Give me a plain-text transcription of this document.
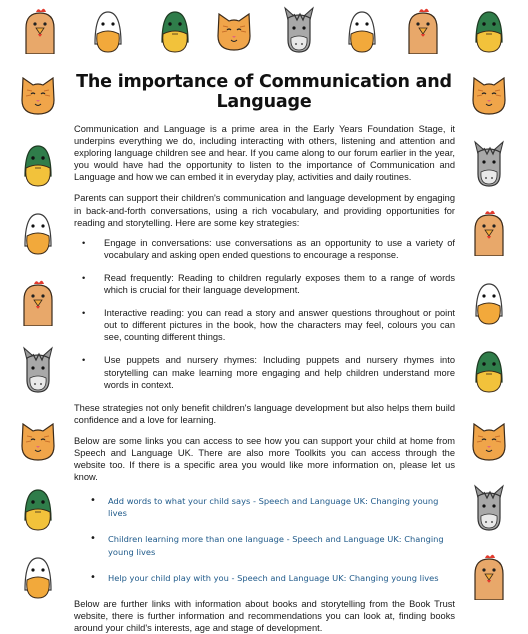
The importance of Communication and Language

Communication and Language is a prime area in the Early Years Foundation Stage, it underpins everything we do, including interacting with others, listening and attention and exploring language children see and hear. If you came along to our forum earlier in the year, you would have had the opportunity to listen to the importance of Communication and Language and how we can embed it in everyday play, activities and daily routines.

Parents can support their children's communication and language development by engaging in back-and-forth conversations, using a rich vocabulary, and providing opportunities for reading and storytelling. Here are some key strategies:

• Engage in conversations: use conversations as an opportunity to use a variety of vocabulary and asking open ended questions to encourage a response.
• Read frequently: Reading to children regularly exposes them to a range of words which is crucial for their language development.
• Interactive reading: you can read a story and answer questions throughout or point out to different pictures in the book, how the characters may feel, colours you can see, counting different things.
• Use puppets and nursery rhymes: Including puppets and nursery rhymes into storytelling can make learning more engaging and help children understand more words in context.

These strategies not only benefit children's language development but also helps them build confidence and a love for learning.

Below are some links you can access to see how you can support your child at home from Speech and Language UK. There are also more Toolkits you can access through the website too. If there is a specific area you would like more information on, please let us know.

• Add words to what your child says - Speech and Language UK: Changing young lives
• Children learning more than one language - Speech and Language UK: Changing young lives
• Help your child play with you - Speech and Language UK: Changing young lives

Below are further links with information about books and storytelling from the Book Trust website, there is further information and recommendations you can look at, finding books around your child's interests, age and stage of development.
